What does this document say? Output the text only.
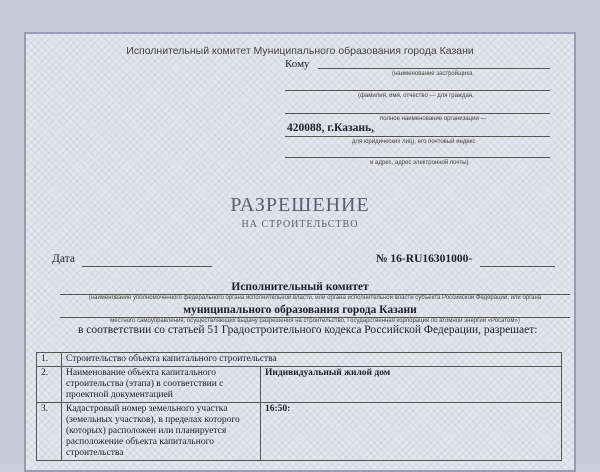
Исполнительный комитет Муниципального образования города Казани
Кому
(наименование застройщика
(фамилия, имя, отчество — для граждан,
полное наименование организации —
420088, г.Казань,
для юридических лиц), его почтовый индекс
и адрес, адрес электронной почты)
РАЗРЕШЕНИЕ
НА СТРОИТЕЛЬСТВО
Дата	№ 16-RU16301000-
Исполнительный комитет
(наименование уполномоченного федерального органа исполнительной власти, или органа исполнительной власти субъекта Российской Федерации, или органа
муниципального образования города Казани
местного самоуправления, осуществляющих выдачу разрешения на строительство, Государственная корпорация по атомной энергии «Росатом»)
в соответствии со статьей 51 Градостроительного кодекса Российской Федерации, разрешает:
1.	Строительство объекта капитального строительства	
2.	Наименование объекта капитального строительства (этапа) в соответствии с проектной документацией	Индивидуальный жилой дом
3.	Кадастровый номер земельного участка (земельных участков), в пределах которого (которых) расположен или планируется расположение объекта капитального строительства	16:50:
